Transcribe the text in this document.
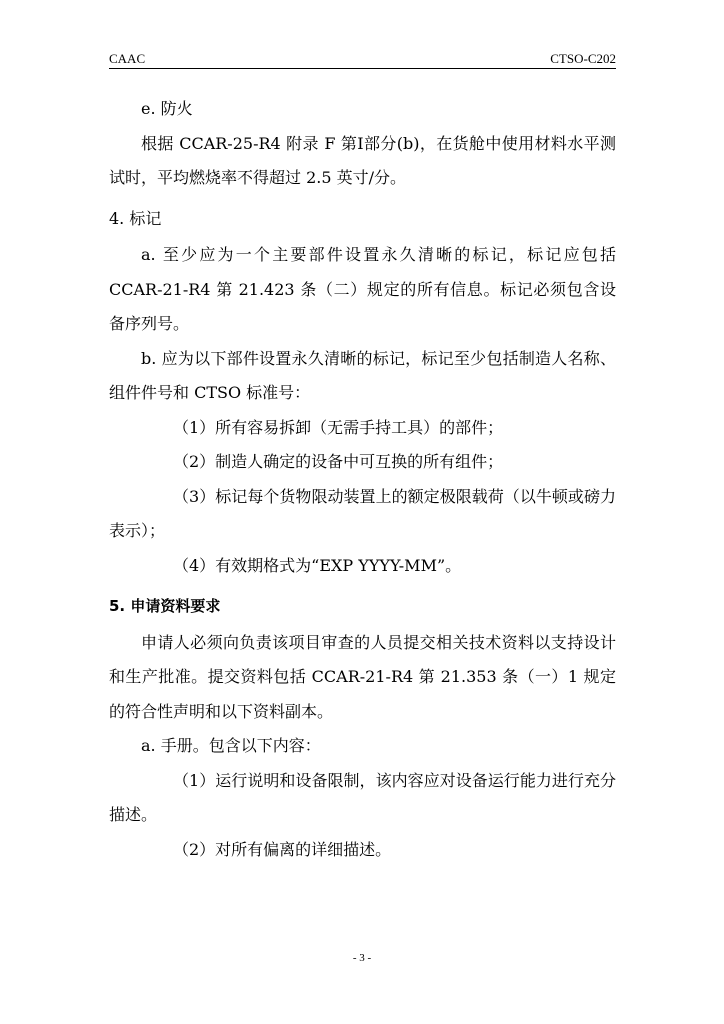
CAAC	CTSO-C202

e. 防火

根据 CCAR-25-R4 附录 F 第Ⅰ部分(b)，在货舱中使用材料水平测试时，平均燃烧率不得超过 2.5 英寸/分。

4. 标记

a. 至少应为一个主要部件设置永久清晰的标记，标记应包括 CCAR-21-R4 第 21.423 条（二）规定的所有信息。标记必须包含设备序列号。

b. 应为以下部件设置永久清晰的标记，标记至少包括制造人名称、组件件号和 CTSO 标准号：

（1）所有容易拆卸（无需手持工具）的部件；

（2）制造人确定的设备中可互换的所有组件；

（3）标记每个货物限动装置上的额定极限载荷（以牛顿或磅力表示）；

（4）有效期格式为“EXP YYYY-MM”。

5. 申请资料要求

申请人必须向负责该项目审查的人员提交相关技术资料以支持设计和生产批准。提交资料包括 CCAR-21-R4 第 21.353 条（一）1 规定的符合性声明和以下资料副本。

a. 手册。包含以下内容：

（1）运行说明和设备限制，该内容应对设备运行能力进行充分描述。

（2）对所有偏离的详细描述。

- 3 -
